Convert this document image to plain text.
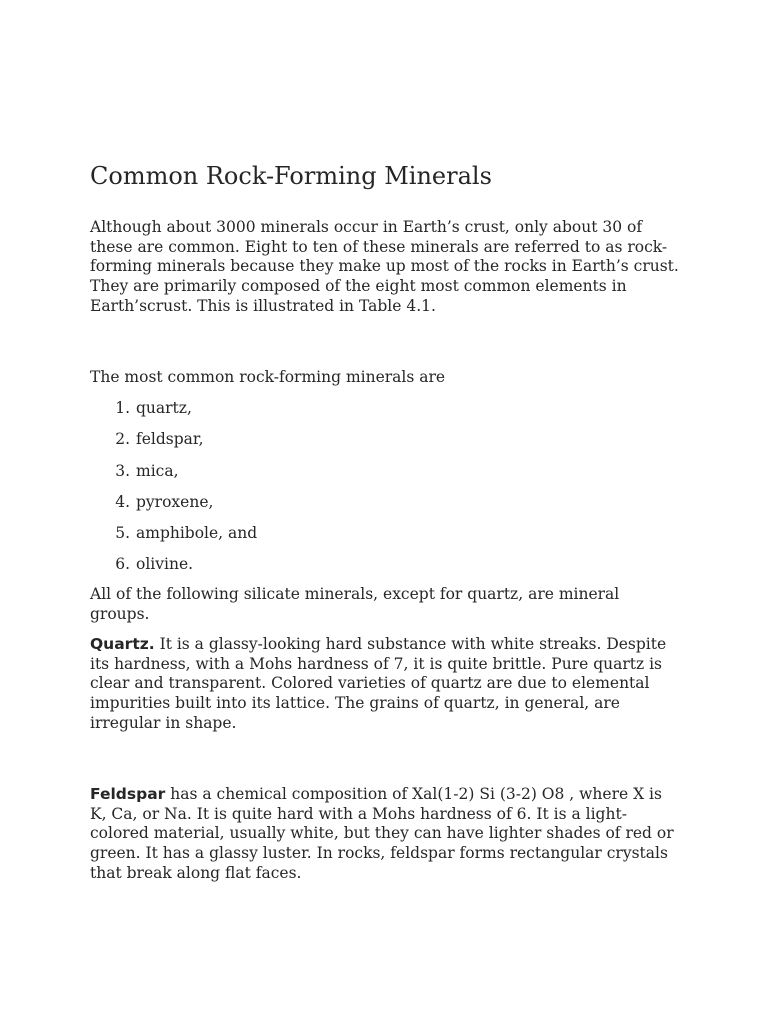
Common Rock-Forming Minerals

Although about 3000 minerals occur in Earth’s crust, only about 30 of these are common. Eight to ten of these minerals are referred to as rock-forming minerals because they make up most of the rocks in Earth’s crust. They are primarily composed of the eight most common elements in Earth’scrust. This is illustrated in Table 4.1.

The most common rock-forming minerals are

1. quartz,
2. feldspar,
3. mica,
4. pyroxene,
5. amphibole, and
6. olivine.

All of the following silicate minerals, except for quartz, are mineral groups.

Quartz. It is a glassy-looking hard substance with white streaks. Despite its hardness, with a Mohs hardness of 7, it is quite brittle. Pure quartz is clear and transparent. Colored varieties of quartz are due to elemental impurities built into its lattice. The grains of quartz, in general, are irregular in shape.

Feldspar has a chemical composition of Xal(1-2) Si (3-2) O8 , where X is K, Ca, or Na. It is quite hard with a Mohs hardness of 6. It is a light-colored material, usually white, but they can have lighter shades of red or green. It has a glassy luster. In rocks, feldspar forms rectangular crystals that break along flat faces.
